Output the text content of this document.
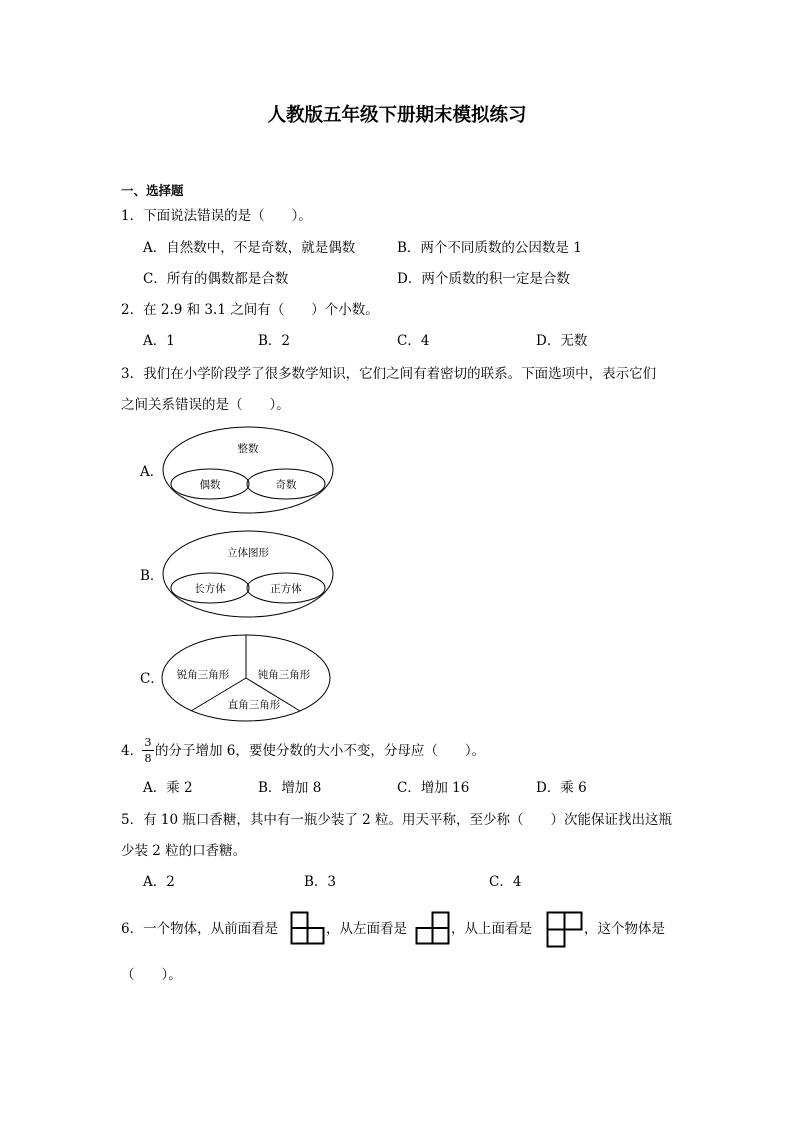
人教版五年级下册期末模拟练习
一、选择题
1．下面说法错误的是（　　）。
A．自然数中，不是奇数，就是偶数	B．两个不同质数的公因数是 1
C．所有的偶数都是合数	D．两个质数的积一定是合数
2．在 2.9 和 3.1 之间有（　　）个小数。
A．1	B．2	C．4	D．无数
3．我们在小学阶段学了很多数学知识，它们之间有着密切的联系。下面选项中，表示它们
之间关系错误的是（　　）。
A．
整数
偶数	奇数
B．
立体图形
长方体	正方体
C． 锐角三角形	钝角三角形
直角三角形
4．
3
8 的分子增加 6，要使分数的大小不变，分母应（　　）。
A．乘 2	B．增加 8	C．增加 16	D．乘 6
5．有 10 瓶口香糖，其中有一瓶少装了 2 粒。用天平称，至少称（　　）次能保证找出这瓶
少装 2 粒的口香糖。
A．2	B．3	C．4
6．一个物体，从前面看是	，从左面看是	，从上面看是	，这个物体是
（　　）。
